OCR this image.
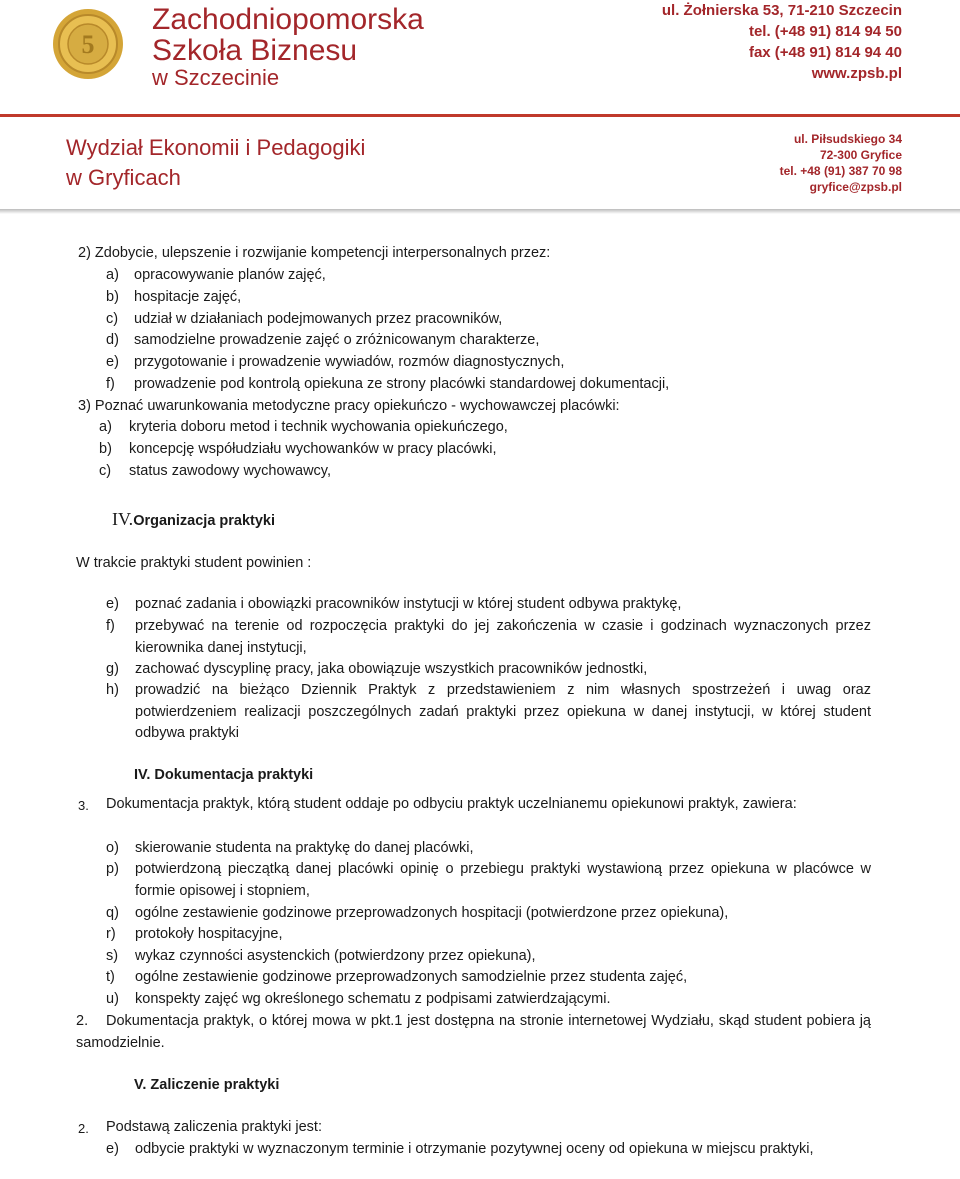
5
Zachodniopomorska
Szkoła Biznesu
w Szczecinie
ul. Żołnierska 53, 71-210 Szczecin
tel. (+48 91) 814 94 50
fax (+48 91) 814 94 40
www.zpsb.pl
Wydział Ekonomii i Pedagogiki
w Gryficach
ul. Piłsudskiego 34
72-300 Gryfice
tel. +48 (91) 387 70 98
gryfice@zpsb.pl
2) Zdobycie, ulepszenie i rozwijanie kompetencji interpersonalnych przez:
a) opracowywanie planów zajęć,
b) hospitacje zajęć,
c) udział w działaniach podejmowanych przez pracowników,
d) samodzielne prowadzenie zajęć o zróżnicowanym charakterze,
e) przygotowanie i prowadzenie wywiadów, rozmów diagnostycznych,
f) prowadzenie pod kontrolą opiekuna ze strony placówki standardowej dokumentacji,
3) Poznać uwarunkowania metodyczne pracy opiekuńczo - wychowawczej placówki:
a) kryteria doboru metod i technik wychowania opiekuńczego,
b) koncepcję współudziału wychowanków w pracy placówki,
c) status zawodowy wychowawcy,
IV.Organizacja praktyki
W trakcie praktyki student powinien :
e) poznać zadania i obowiązki pracowników instytucji w której student odbywa praktykę,
f) przebywać na terenie od rozpoczęcia praktyki do jej zakończenia w czasie i godzinach wyznaczonych przez kierownika danej instytucji,
g) zachować dyscyplinę pracy, jaka obowiązuje wszystkich pracowników jednostki,
h) prowadzić na bieżąco Dziennik Praktyk z przedstawieniem z nim własnych spostrzeżeń i uwag oraz potwierdzeniem realizacji poszczególnych zadań praktyki przez opiekuna w danej instytucji, w której student odbywa praktyki
IV. Dokumentacja praktyki
3. Dokumentacja praktyk, którą student oddaje po odbyciu praktyk uczelnianemu opiekunowi praktyk, zawiera:
o) skierowanie studenta na praktykę do danej placówki,
p) potwierdzoną pieczątką danej placówki opinię o przebiegu praktyki wystawioną przez opiekuna w placówce w formie opisowej i stopniem,
q) ogólne zestawienie godzinowe przeprowadzonych hospitacji (potwierdzone przez opiekuna),
r) protokoły hospitacyjne,
s) wykaz czynności asystenckich (potwierdzony przez opiekuna),
t) ogólne zestawienie godzinowe przeprowadzonych samodzielnie przez studenta zajęć,
u) konspekty zajęć wg określonego schematu z podpisami zatwierdzającymi.
2.	Dokumentacja praktyk, o której mowa w pkt.1 jest dostępna na stronie internetowej Wydziału, skąd student pobiera ją samodzielnie.
V. Zaliczenie praktyki
2. Podstawą zaliczenia praktyki jest:
e) odbycie praktyki w wyznaczonym terminie i otrzymanie pozytywnej oceny od opiekuna w miejscu praktyki,
